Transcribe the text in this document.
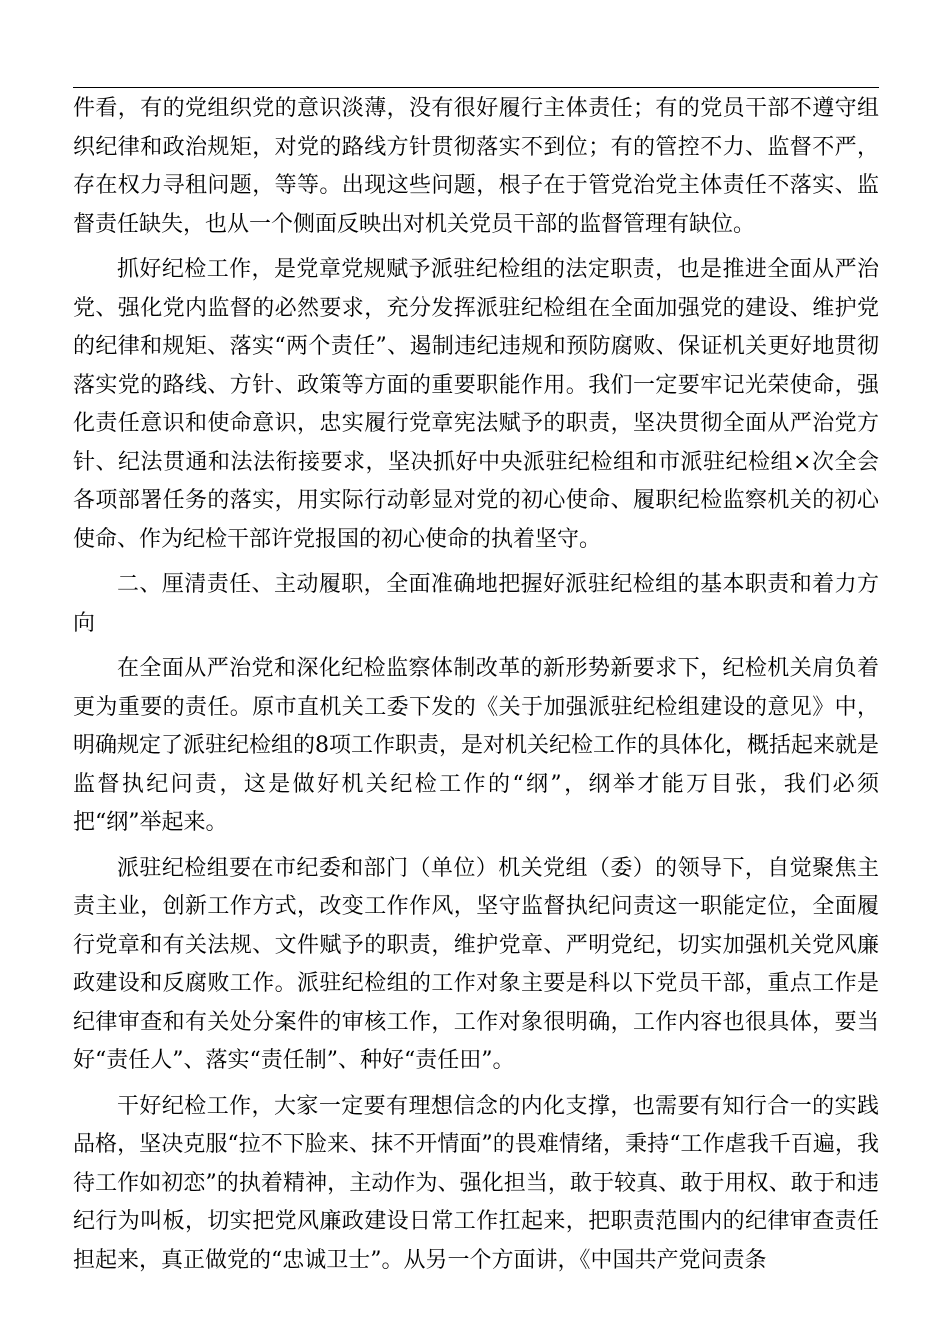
件看，有的党组织党的意识淡薄，没有很好履行主体责任；有的党员干部不遵守组织纪律和政治规矩，对党的路线方针贯彻落实不到位；有的管控不力、监督不严，存在权力寻租问题，等等。出现这些问题，根子在于管党治党主体责任不落实、监督责任缺失，也从一个侧面反映出对机关党员干部的监督管理有缺位。

抓好纪检工作，是党章党规赋予派驻纪检组的法定职责，也是推进全面从严治党、强化党内监督的必然要求，充分发挥派驻纪检组在全面加强党的建设、维护党的纪律和规矩、落实“两个责任”、遏制违纪违规和预防腐败、保证机关更好地贯彻落实党的路线、方针、政策等方面的重要职能作用。我们一定要牢记光荣使命，强化责任意识和使命意识，忠实履行党章宪法赋予的职责，坚决贯彻全面从严治党方针、纪法贯通和法法衔接要求，坚决抓好中央派驻纪检组和市派驻纪检组×次全会各项部署任务的落实，用实际行动彰显对党的初心使命、履职纪检监察机关的初心使命、作为纪检干部许党报国的初心使命的执着坚守。

二、厘清责任、主动履职，全面准确地把握好派驻纪检组的基本职责和着力方向

在全面从严治党和深化纪检监察体制改革的新形势新要求下，纪检机关肩负着更为重要的责任。原市直机关工委下发的《关于加强派驻纪检组建设的意见》中，明确规定了派驻纪检组的8项工作职责，是对机关纪检工作的具体化，概括起来就是监督执纪问责，这是做好机关纪检工作的“纲”，纲举才能万目张，我们必须把“纲”举起来。

派驻纪检组要在市纪委和部门（单位）机关党组（委）的领导下，自觉聚焦主责主业，创新工作方式，改变工作作风，坚守监督执纪问责这一职能定位，全面履行党章和有关法规、文件赋予的职责，维护党章、严明党纪，切实加强机关党风廉政建设和反腐败工作。派驻纪检组的工作对象主要是科以下党员干部，重点工作是纪律审查和有关处分案件的审核工作，工作对象很明确，工作内容也很具体，要当好“责任人”、落实“责任制”、种好“责任田”。

干好纪检工作，大家一定要有理想信念的内化支撑，也需要有知行合一的实践品格，坚决克服“拉不下脸来、抹不开情面”的畏难情绪，秉持“工作虐我千百遍，我待工作如初恋”的执着精神，主动作为、强化担当，敢于较真、敢于用权、敢于和违纪行为叫板，切实把党风廉政建设日常工作扛起来，把职责范围内的纪律审查责任担起来，真正做党的“忠诚卫士”。从另一个方面讲，《中国共产党问责条
